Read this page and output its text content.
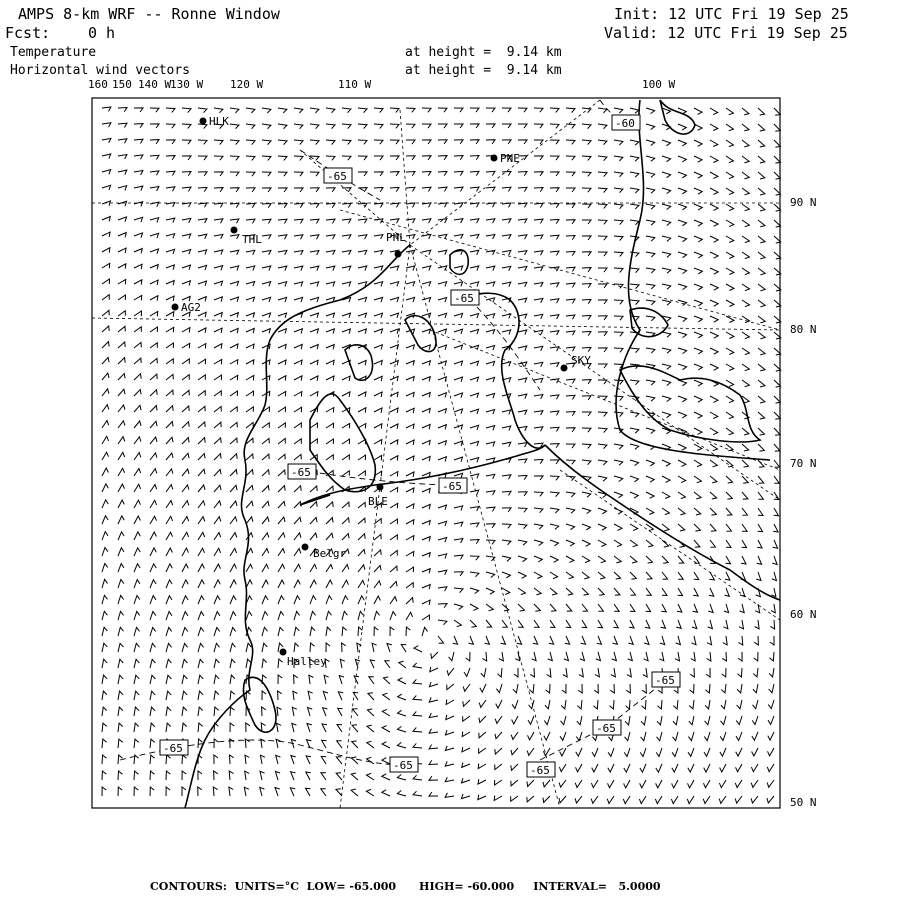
AMPS 8-km WRF -- Ronne Window
Fcst:	0 h
Init: 12 UTC Fri 19 Sep 25
Valid: 12 UTC Fri 19 Sep 25
Temperature	at height =  9.14 km
Horizontal wind vectors	at height =  9.14 km
160 150 140 W
130 W 120 W	110 W	100 W
90 N
80 N
70 N
60 N
50 N
HLK
PNE
THL	PHL
AG2
SKY
BLE
Belgr
Halley
-60
-65
-65
-65
-65
-65
-65
-65
-65	-65
CONTOURS: UNITS=°C LOW= -65.000 HIGH= -60.000 INTERVAL= 5.0000
